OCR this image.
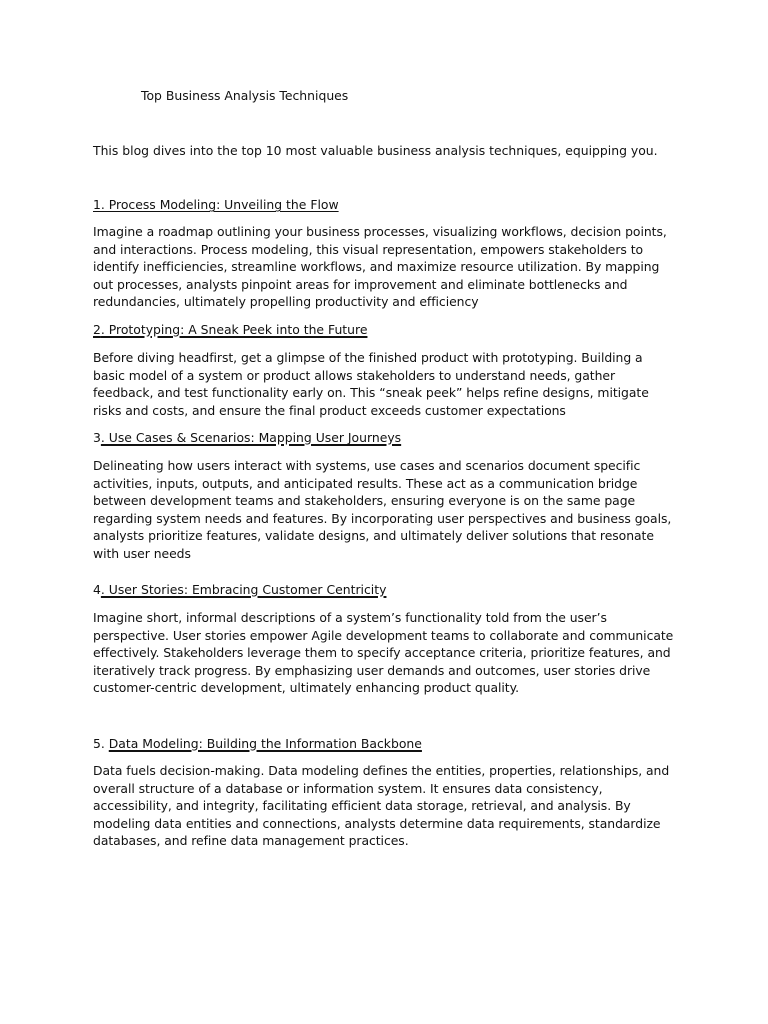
Top Business Analysis Techniques

This blog dives into the top 10 most valuable business analysis techniques, equipping you.

1. Process Modeling: Unveiling the Flow

Imagine a roadmap outlining your business processes, visualizing workflows, decision points, and interactions. Process modeling, this visual representation, empowers stakeholders to identify inefficiencies, streamline workflows, and maximize resource utilization. By mapping out processes, analysts pinpoint areas for improvement and eliminate bottlenecks and redundancies, ultimately propelling productivity and efficiency

2. Prototyping: A Sneak Peek into the Future

Before diving headfirst, get a glimpse of the finished product with prototyping. Building a basic model of a system or product allows stakeholders to understand needs, gather feedback, and test functionality early on. This “sneak peek” helps refine designs, mitigate risks and costs, and ensure the final product exceeds customer expectations

3. Use Cases & Scenarios: Mapping User Journeys

Delineating how users interact with systems, use cases and scenarios document specific activities, inputs, outputs, and anticipated results. These act as a communication bridge between development teams and stakeholders, ensuring everyone is on the same page regarding system needs and features. By incorporating user perspectives and business goals, analysts prioritize features, validate designs, and ultimately deliver solutions that resonate with user needs

4. User Stories: Embracing Customer Centricity

Imagine short, informal descriptions of a system’s functionality told from the user’s perspective. User stories empower Agile development teams to collaborate and communicate effectively. Stakeholders leverage them to specify acceptance criteria, prioritize features, and iteratively track progress. By emphasizing user demands and outcomes, user stories drive customer-centric development, ultimately enhancing product quality.

5. Data Modeling: Building the Information Backbone

Data fuels decision-making. Data modeling defines the entities, properties, relationships, and overall structure of a database or information system. It ensures data consistency, accessibility, and integrity, facilitating efficient data storage, retrieval, and analysis. By modeling data entities and connections, analysts determine data requirements, standardize databases, and refine data management practices.
